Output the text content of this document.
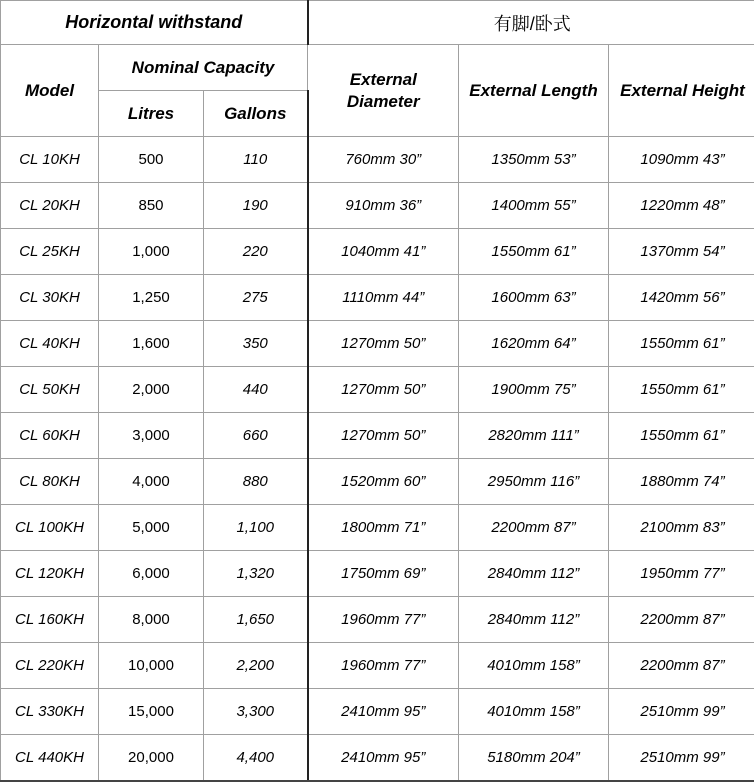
Horizontal withstand			有脚/卧式		
Model	Nominal Capacity		External Diameter	External Length	External Height
	Litres	Gallons			
CL 10KH	500	110	760mm 30”	1350mm 53”	1090mm 43”
CL 20KH	850	190	910mm 36”	1400mm 55”	1220mm 48”
CL 25KH	1,000	220	1040mm 41”	1550mm 61”	1370mm 54”
CL 30KH	1,250	275	1110mm 44”	1600mm 63”	1420mm 56”
CL 40KH	1,600	350	1270mm 50”	1620mm 64”	1550mm 61”
CL 50KH	2,000	440	1270mm 50”	1900mm 75”	1550mm 61”
CL 60KH	3,000	660	1270mm 50”	2820mm 111”	1550mm 61”
CL 80KH	4,000	880	1520mm 60”	2950mm 116”	1880mm 74”
CL 100KH	5,000	1,100	1800mm 71”	2200mm 87”	2100mm 83”
CL 120KH	6,000	1,320	1750mm 69”	2840mm 112”	1950mm 77”
CL 160KH	8,000	1,650	1960mm 77”	2840mm 112”	2200mm 87”
CL 220KH	10,000	2,200	1960mm 77”	4010mm 158”	2200mm 87”
CL 330KH	15,000	3,300	2410mm 95”	4010mm 158”	2510mm 99”
CL 440KH	20,000	4,400	2410mm 95”	5180mm 204”	2510mm 99”
